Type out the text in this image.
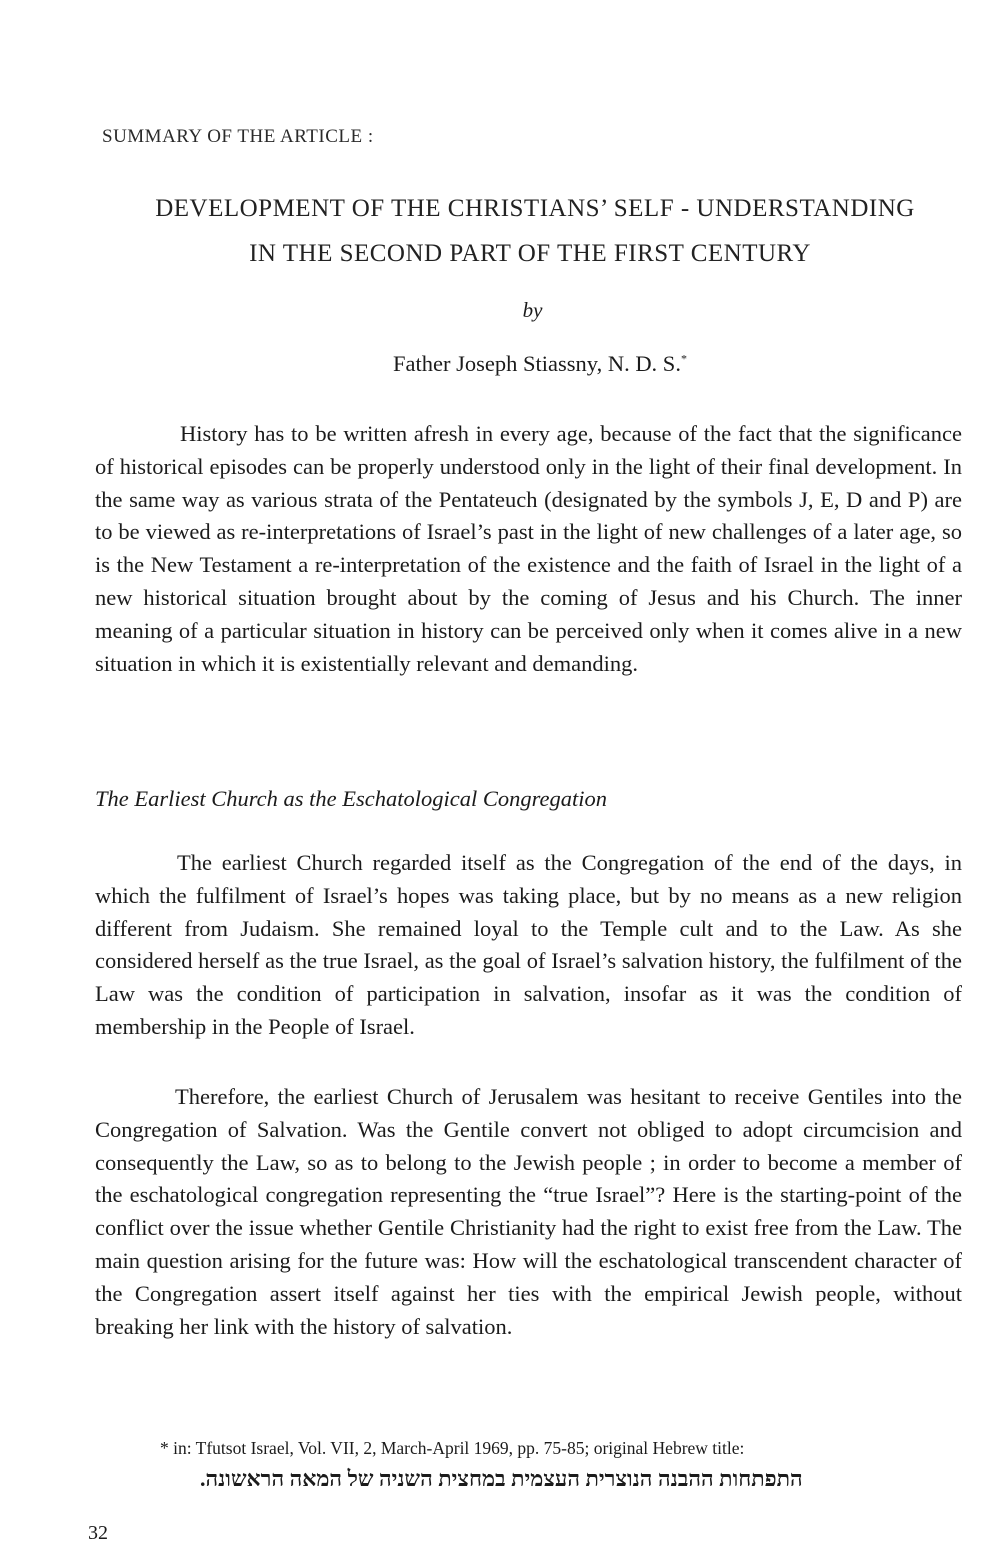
SUMMARY OF THE ARTICLE :
DEVELOPMENT OF THE CHRISTIANS’ SELF - UNDERSTANDING
IN THE SECOND PART OF THE FIRST CENTURY
by
Father Joseph Stiassny, N. D. S.*

History has to be written afresh in every age, because of the fact that the significance of historical episodes can be properly understood only in the light of their final development. In the same way as various strata of the Pentateuch (designated by the symbols J, E, D and P) are to be viewed as re-interpretations of Israel’s past in the light of new challenges of a later age, so is the New Testament a re-interpretation of the existence and the faith of Israel in the light of a new historical situation brought about by the coming of Jesus and his Church. The inner meaning of a particular situation in history can be perceived only when it comes alive in a new situation in which it is existentially relevant and demanding.

The Earliest Church as the Eschatological Congregation

The earliest Church regarded itself as the Congregation of the end of the days, in which the fulfilment of Israel’s hopes was taking place, but by no means as a new religion different from Judaism. She remained loyal to the Temple cult and to the Law. As she considered herself as the true Israel, as the goal of Israel’s salvation history, the fulfilment of the Law was the condition of participation in salvation, insofar as it was the condition of membership in the People of Israel.

Therefore, the earliest Church of Jerusalem was hesitant to receive Gentiles into the Congregation of Salvation. Was the Gentile convert not obliged to adopt circumcision and consequently the Law, so as to belong to the Jewish people ; in order to become a member of the eschatological congregation representing the “true Israel”? Here is the starting-point of the conflict over the issue whether Gentile Christianity had the right to exist free from the Law. The main question arising for the future was: How will the eschatological transcendent character of the Congregation assert itself against her ties with the empirical Jewish people, without breaking her link with the history of salvation.

* in: Tfutsot Israel, Vol. VII, 2, March-April 1969, pp. 75-85; original Hebrew title:
התפתחות ההבנה הנוצרית העצמית במחצית השניה של המאה הראשונה.
32
